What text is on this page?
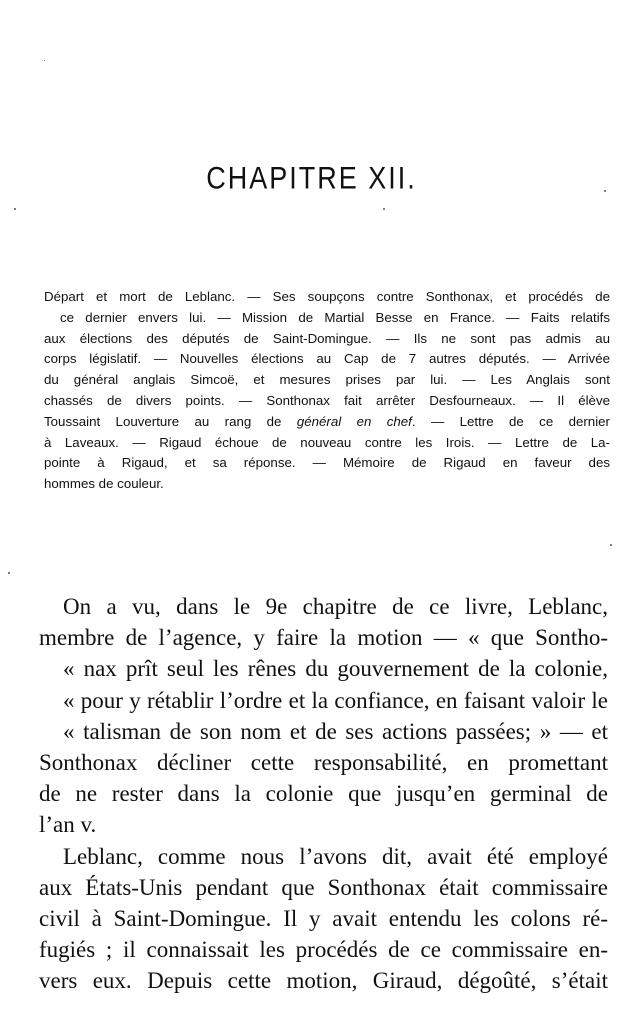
CHAPITRE XII.
Départ et mort de Leblanc. — Ses soupçons contre Sonthonax, et procédés de
ce dernier envers lui. — Mission de Martial Besse en France. — Faits relatifs
aux élections des députés de Saint-Domingue. — Ils ne sont pas admis au
corps législatif. — Nouvelles élections au Cap de 7 autres députés. — Arrivée
du général anglais Simcoë, et mesures prises par lui. — Les Anglais sont
chassés de divers points. — Sonthonax fait arrêter Desfourneaux. — Il élève
Toussaint Louverture au rang de général en chef. — Lettre de ce dernier
à Laveaux. — Rigaud échoue de nouveau contre les Irois. — Lettre de La-
pointe à Rigaud, et sa réponse. — Mémoire de Rigaud en faveur des
hommes de couleur.
On a vu, dans le 9e chapitre de ce livre, Leblanc,
membre de l’agence, y faire la motion — « que Sontho-
« nax prît seul les rênes du gouvernement de la colonie,
« pour y rétablir l’ordre et la confiance, en faisant valoir le
« talisman de son nom et de ses actions passées; » — et
Sonthonax décliner cette responsabilité, en promettant
de ne rester dans la colonie que jusqu’en germinal de
l’an v.
Leblanc, comme nous l’avons dit, avait été employé
aux États-Unis pendant que Sonthonax était commissaire
civil à Saint-Domingue. Il y avait entendu les colons ré-
fugiés ; il connaissait les procédés de ce commissaire en-
vers eux. Depuis cette motion, Giraud, dégoûté, s’était
